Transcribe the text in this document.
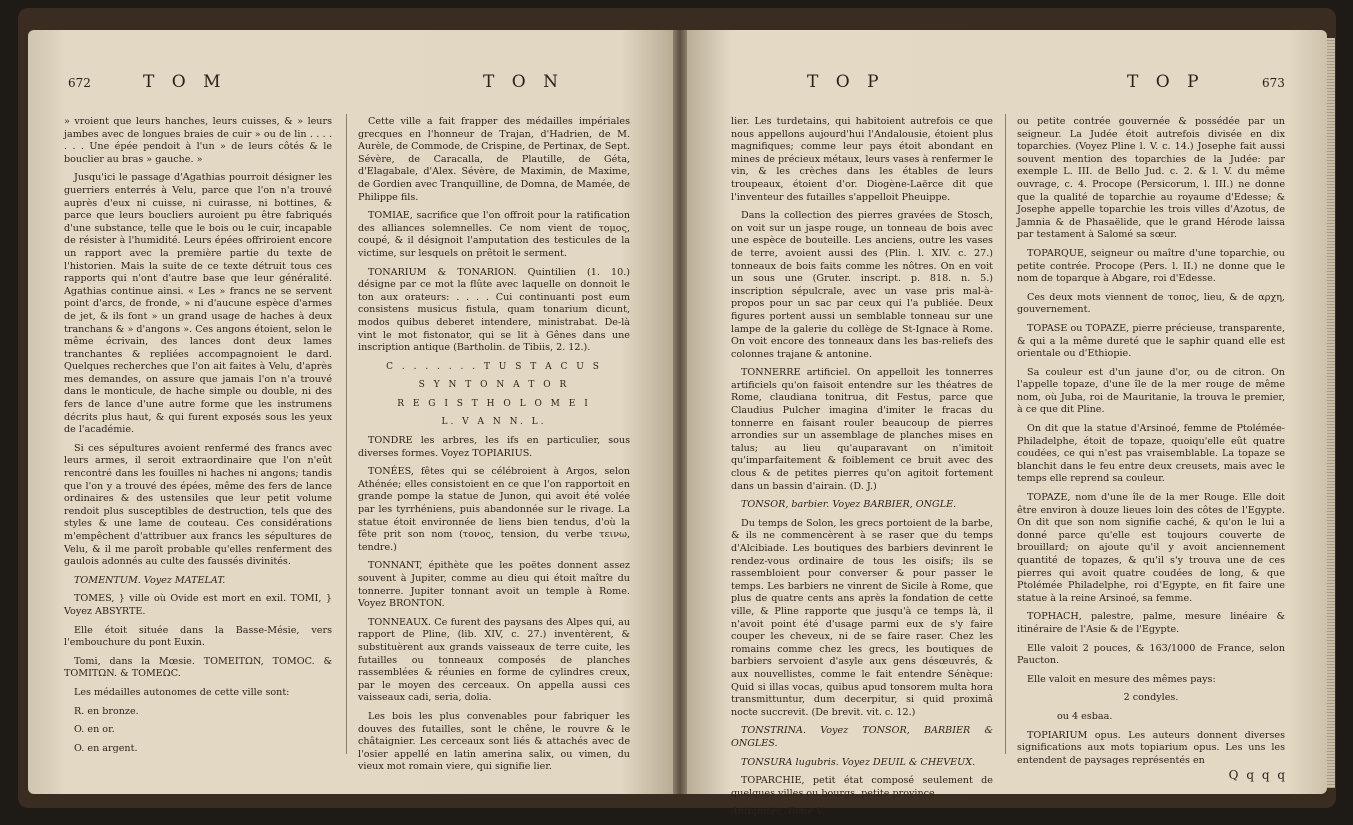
672	T O M	T O N

» vroient que leurs hanches, leurs cuisses, & » leurs jambes avec de longues braies de cuir » ou de lin . . . . . . . Une épée pendoit à l'un » de leurs côtés & le bouclier au bras » gauche. »

Jusqu'ici le passage d'Agathias pourroit désigner les guerriers enterrés à Velu, parce que l'on n'a trouvé auprès d'eux ni cuisse, ni cuirasse, ni bottines, & parce que leurs boucliers auroient pu être fabriqués d'une substance, telle que le bois ou le cuir, incapable de résister à l'humidité. Leurs épées offriroient encore un rapport avec la première partie du texte de l'historien. Mais la suite de ce texte détruit tous ces rapports qui n'ont d'autre base que leur généralité. Agathias continue ainsi. « Les » francs ne se servent point d'arcs, de fronde, » ni d'aucune espèce d'armes de jet, & ils font » un grand usage de haches à deux tranchans & » d'angons ». Ces angons étoient, selon le même écrivain, des lances dont deux lames tranchantes & repliées accompagnoient le dard. Quelques recherches que l'on ait faites à Velu, d'après mes demandes, on assure que jamais l'on n'a trouvé dans le monticule, de hache simple ou double, ni des fers de lance d'une autre forme que les instrumens décrits plus haut, & qui furent exposés sous les yeux de l'académie.

Si ces sépultures avoient renfermé des francs avec leurs armes, il seroit extraordinaire que l'on n'eût rencontré dans les fouilles ni haches ni angons; tandis que l'on y a trouvé des épées, même des fers de lance ordinaires & des ustensiles que leur petit volume rendoit plus susceptibles de destruction, tels que des styles & une lame de couteau. Ces considérations m'empêchent d'attribuer aux francs les sépultures de Velu, & il me paroît probable qu'elles renferment des gaulois adonnés au culte des faussés divinités.

TOMENTUM. Voyez MATELAT.

TOMES, } ville où Ovide est mort en exil. TOMI, } Voyez ABSYRTE.

Elle étoit située dans la Basse-Mésie, vers l'embouchure du pont Euxin.

Tomi, dans la Mœsie. TOMEITΩN, TOMOC. & TOMITΩN. & TOMEΩC.

Les médailles autonomes de cette ville sont:

R. en bronze.

O. en or.

O. en argent.

Cette ville a fait frapper des médailles impériales grecques en l'honneur de Trajan, d'Hadrien, de M. Aurèle, de Commode, de Crispine, de Pertinax, de Sept. Sévère, de Caracalla, de Plautille, de Géta, d'Elagabale, d'Alex. Sévère, de Maximin, de Maxime, de Gordien avec Tranquilline, de Domna, de Mamée, de Philippe fils.

TOMIAE, sacrifice que l'on offroit pour la ratification des alliances solemnelles. Ce nom vient de τομος, coupé, & il désignoit l'amputation des testicules de la victime, sur lesquels on prêtoit le serment.

TONARIUM & TONARION. Quintilien (1. 10.) désigne par ce mot la flûte avec laquelle on donnoit le ton aux orateurs: . . . . Cui continuanti post eum consistens musicus fistula, quam tonarium dicunt, modos quibus deberet intendere, ministrabat. De-là vint le mot fistonator, qui se lit à Gênes dans une inscription antique (Bartholin. de Tibiis, 2. 12.).

C . . . . . . . T U S T A C U S
S Y N T O N A T O R
R E G I S T H O L O M E I
L. V A N N. L.

TONDRE les arbres, les ifs en particulier, sous diverses formes. Voyez TOPIARIUS.

TONÉES, fêtes qui se célébroient à Argos, selon Athénée; elles consistoient en ce que l'on rapportoit en grande pompe la statue de Junon, qui avoit été volée par les tyrrhéniens, puis abandonnée sur le rivage. La statue étoit environnée de liens bien tendus, d'où la fête prit son nom (τονος, tension, du verbe τεινω, tendre.)

TONNANT, épithète que les poëtes donnent assez souvent à Jupiter, comme au dieu qui étoit maître du tonnerre. Jupiter tonnant avoit un temple à Rome. Voyez BRONTON.

TONNEAUX. Ce furent des paysans des Alpes qui, au rapport de Pline, (lib. XIV, c. 27.) inventèrent, & substituèrent aux grands vaisseaux de terre cuite, les futailles ou tonneaux composés de planches rassemblées & réunies en forme de cylindres creux, par le moyen des cerceaux. On appella aussi ces vaisseaux cadi, seria, dolia.

Les bois les plus convenables pour fabriquer les douves des futailles, sont le chêne, le rouvre & le châtaignier. Les cerceaux sont liés & attachés avec de l'osier appellé en latin amerina salix, ou vimen, du vieux mot romain viere, qui signifie lier.

T O P	T O P	673

lier. Les turdetains, qui habitoient autrefois ce que nous appellons aujourd'hui l'Andalousie, étoient plus magnifiques; comme leur pays étoit abondant en mines de précieux métaux, leurs vases à renfermer le vin, & les crèches dans les étables de leurs troupeaux, étoient d'or. Diogène-Laërce dit que l'inventeur des futailles s'appelloit Pheuippe.

Dans la collection des pierres gravées de Stosch, on voit sur un jaspe rouge, un tonneau de bois avec une espèce de bouteille. Les anciens, outre les vases de terre, avoient aussi des (Plin. l. XIV. c. 27.) tonneaux de bois faits comme les nôtres. On en voit un sous une (Gruter. inscript. p. 818. n. 5.) inscription sépulcrale, avec un vase pris mal-à-propos pour un sac par ceux qui l'a publiée. Deux figures portent aussi un semblable tonneau sur une lampe de la galerie du collège de St-Ignace à Rome. On voit encore des tonneaux dans les bas-reliefs des colonnes trajane & antonine.

TONNERRE artificiel. On appelloit les tonnerres artificiels qu'on faisoit entendre sur les théatres de Rome, claudiana tonitrua, dit Festus, parce que Claudius Pulcher imagina d'imiter le fracas du tonnerre en faisant rouler beaucoup de pierres arrondies sur un assemblage de planches mises en talus; au lieu qu'auparavant on n'imitoit qu'imparfaitement & foiblement ce bruit avec des clous & de petites pierres qu'on agitoit fortement dans un bassin d'airain. (D. J.)

TONSOR, barbier. Voyez BARBIER, ONGLE.

Du temps de Solon, les grecs portoient de la barbe, & ils ne commencèrent à se raser que du temps d'Alcibiade. Les boutiques des barbiers devinrent le rendez-vous ordinaire de tous les oisifs; ils se rassembloient pour converser & pour passer le temps. Les barbiers ne vinrent de Sicile à Rome, que plus de quatre cents ans après la fondation de cette ville, & Pline rapporte que jusqu'à ce temps là, il n'avoit point été d'usage parmi eux de s'y faire couper les cheveux, ni de se faire raser. Chez les romains comme chez les grecs, les boutiques de barbiers servoient d'asyle aux gens désœuvrés, & aux nouvellistes, comme le fait entendre Sénèque: Quid si illas vocas, quibus apud tonsorem multa hora transmittuntur, dum decerpitur, si quid proximâ nocte succrevit. (De brevit. vit. c. 12.)

TONSTRINA. Voyez TONSOR, BARBIER & ONGLES.

TONSURA lugubris. Voyez DEUIL & CHEVEUX.

TOPARCHIE, petit état composé seulement de quelques villes ou bourgs, petite province

Antiquités, Tome V.

ou petite contrée gouvernée & possédée par un seigneur. La Judée étoit autrefois divisée en dix toparchies. (Voyez Pline l. V. c. 14.) Josephe fait aussi souvent mention des toparchies de la Judée: par exemple L. III. de Bello Jud. c. 2. & l. V. du même ouvrage, c. 4. Procope (Persicorum, l. III.) ne donne que la qualité de toparchie au royaume d'Edesse; & Josephe appelle toparchie les trois villes d'Azotus, de Jamnia & de Phasaëlide, que le grand Hérode laissa par testament à Salomé sa sœur.

TOPARQUE, seigneur ou maître d'une toparchie, ou petite contrée. Procope (Pers. l. II.) ne donne que le nom de toparque à Abgare, roi d'Edesse.

Ces deux mots viennent de τοπος, lieu, & de αρχη, gouvernement.

TOPASE ou TOPAZE, pierre précieuse, transparente, & qui a la même dureté que le saphir quand elle est orientale ou d'Ethiopie.

Sa couleur est d'un jaune d'or, ou de citron. On l'appelle topaze, d'une île de la mer rouge de même nom, où Juba, roi de Mauritanie, la trouva le premier, à ce que dit Pline.

On dit que la statue d'Arsinoé, femme de Ptolémée-Philadelphe, étoit de topaze, quoiqu'elle eût quatre coudées, ce qui n'est pas vraisemblable. La topaze se blanchit dans le feu entre deux creusets, mais avec le temps elle reprend sa couleur.

TOPAZE, nom d'une île de la mer Rouge. Elle doit être environ à douze lieues loin des côtes de l'Egypte. On dit que son nom signifie caché, & qu'on le lui a donné parce qu'elle est toujours couverte de brouillard; on ajoute qu'il y avoit anciennement quantité de topazes, & qu'il s'y trouva une de ces pierres qui avoit quatre coudées de long, & que Ptolémée Philadelphe, roi d'Egypte, en fit faire une statue à la reine Arsinoé, sa femme.

TOPHACH, palestre, palme, mesure linéaire & itinéraire de l'Asie & de l'Egypte.

Elle valoit 2 pouces, & 163/1000 de France, selon Paucton.

Elle valoit en mesure des mêmes pays:

2 condyles.

ou 4 esbaa.

TOPIARIUM opus. Les auteurs donnent diverses significations aux mots topiarium opus. Les uns les entendent de paysages représentés en

Q q q q
